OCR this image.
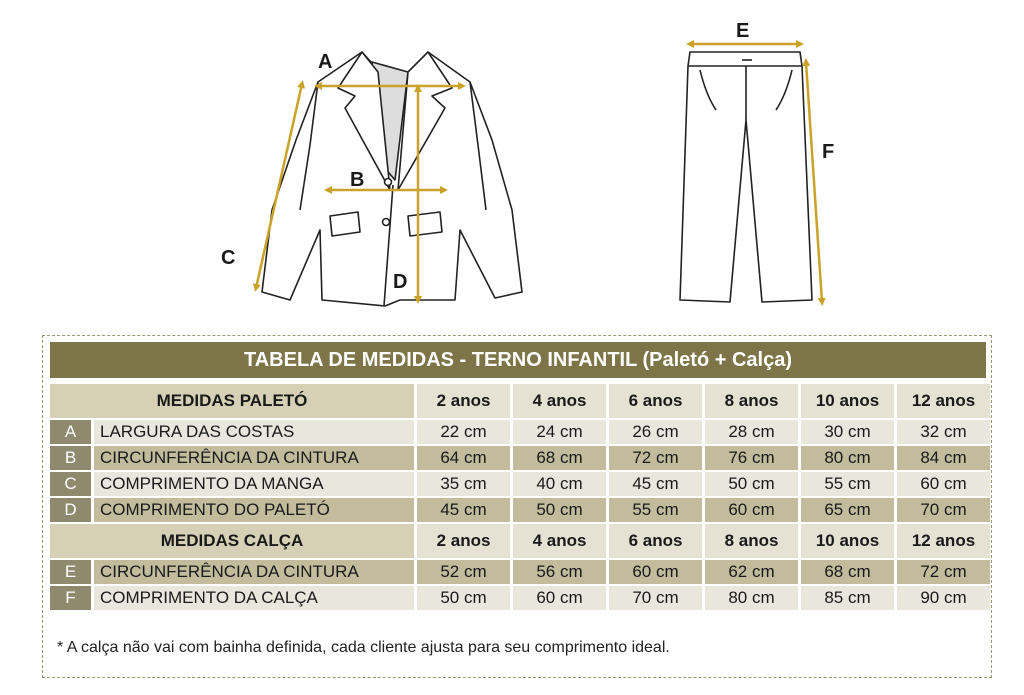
A
B
C
D
E
F
TABELA DE MEDIDAS - TERNO INFANTIL (Paletó + Calça)
MEDIDAS PALETÓ		2 anos	4 anos	6 anos	8 anos	10 anos	12 anos
A	LARGURA DAS COSTAS	22 cm	24 cm	26 cm	28 cm	30 cm	32 cm
B	CIRCUNFERÊNCIA DA CINTURA	64 cm	68 cm	72 cm	76 cm	80 cm	84 cm
C	COMPRIMENTO DA MANGA	35 cm	40 cm	45 cm	50 cm	55 cm	60 cm
D	COMPRIMENTO DO PALETÓ	45 cm	50 cm	55 cm	60 cm	65 cm	70 cm
MEDIDAS CALÇA		2 anos	4 anos	6 anos	8 anos	10 anos	12 anos
E	CIRCUNFERÊNCIA DA CINTURA	52 cm	56 cm	60 cm	62 cm	68 cm	72 cm
F	COMPRIMENTO DA CALÇA	50 cm	60 cm	70 cm	80 cm	85 cm	90 cm
* A calça não vai com bainha definida, cada cliente ajusta para seu comprimento ideal.
